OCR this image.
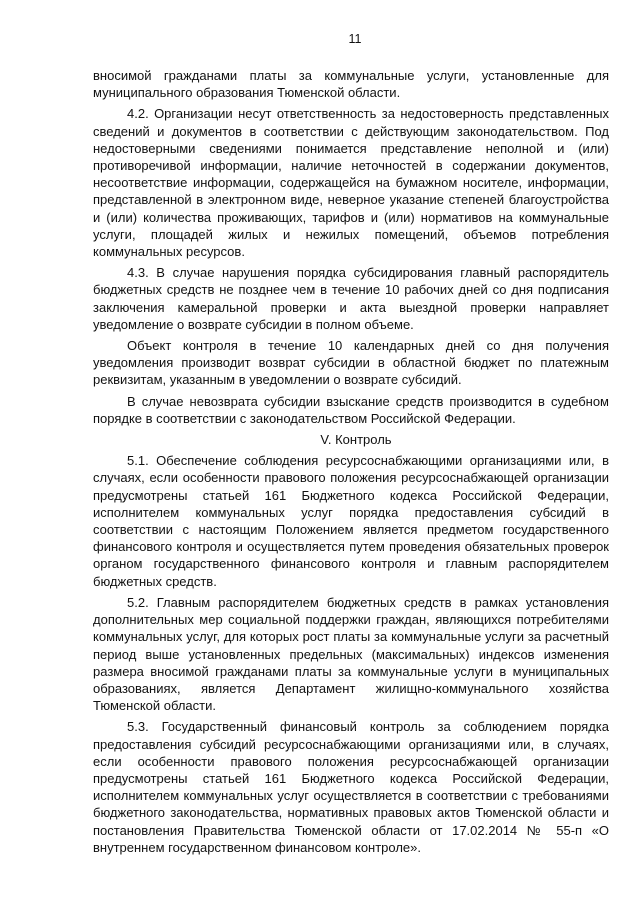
11

вносимой гражданами платы за коммунальные услуги, установленные для муниципального образования Тюменской области.

4.2. Организации несут ответственность за недостоверность представленных сведений и документов в соответствии с действующим законодательством. Под недостоверными сведениями понимается представление неполной и (или) противоречивой информации, наличие неточностей в содержании документов, несоответствие информации, содержащейся на бумажном носителе, информации, представленной в электронном виде, неверное указание степеней благоустройства и (или) количества проживающих, тарифов и (или) нормативов на коммунальные услуги, площадей жилых и нежилых помещений, объемов потребления коммунальных ресурсов.

4.3. В случае нарушения порядка субсидирования главный распорядитель бюджетных средств не позднее чем в течение 10 рабочих дней со дня подписания заключения камеральной проверки и акта выездной проверки направляет уведомление о возврате субсидии в полном объеме.

Объект контроля в течение 10 календарных дней со дня получения уведомления производит возврат субсидии в областной бюджет по платежным реквизитам, указанным в уведомлении о возврате субсидий.

В случае невозврата субсидии взыскание средств производится в судебном порядке в соответствии с законодательством Российской Федерации.

V. Контроль

5.1. Обеспечение соблюдения ресурсоснабжающими организациями или, в случаях, если особенности правового положения ресурсоснабжающей организации предусмотрены статьей 161 Бюджетного кодекса Российской Федерации, исполнителем коммунальных услуг порядка предоставления субсидий в соответствии с настоящим Положением является предметом государственного финансового контроля и осуществляется путем проведения обязательных проверок органом государственного финансового контроля и главным распорядителем бюджетных средств.

5.2. Главным распорядителем бюджетных средств в рамках установления дополнительных мер социальной поддержки граждан, являющихся потребителями коммунальных услуг, для которых рост платы за коммунальные услуги за расчетный период выше установленных предельных (максимальных) индексов изменения размера вносимой гражданами платы за коммунальные услуги в муниципальных образованиях, является Департамент жилищно-коммунального хозяйства Тюменской области.

5.3. Государственный финансовый контроль за соблюдением порядка предоставления субсидий ресурсоснабжающими организациями или, в случаях, если особенности правового положения ресурсоснабжающей организации предусмотрены статьей 161 Бюджетного кодекса Российской Федерации, исполнителем коммунальных услуг осуществляется в соответствии с требованиями бюджетного законодательства, нормативных правовых актов Тюменской области и постановления Правительства Тюменской области от 17.02.2014 № 55-п «О внутреннем государственном финансовом контроле».
